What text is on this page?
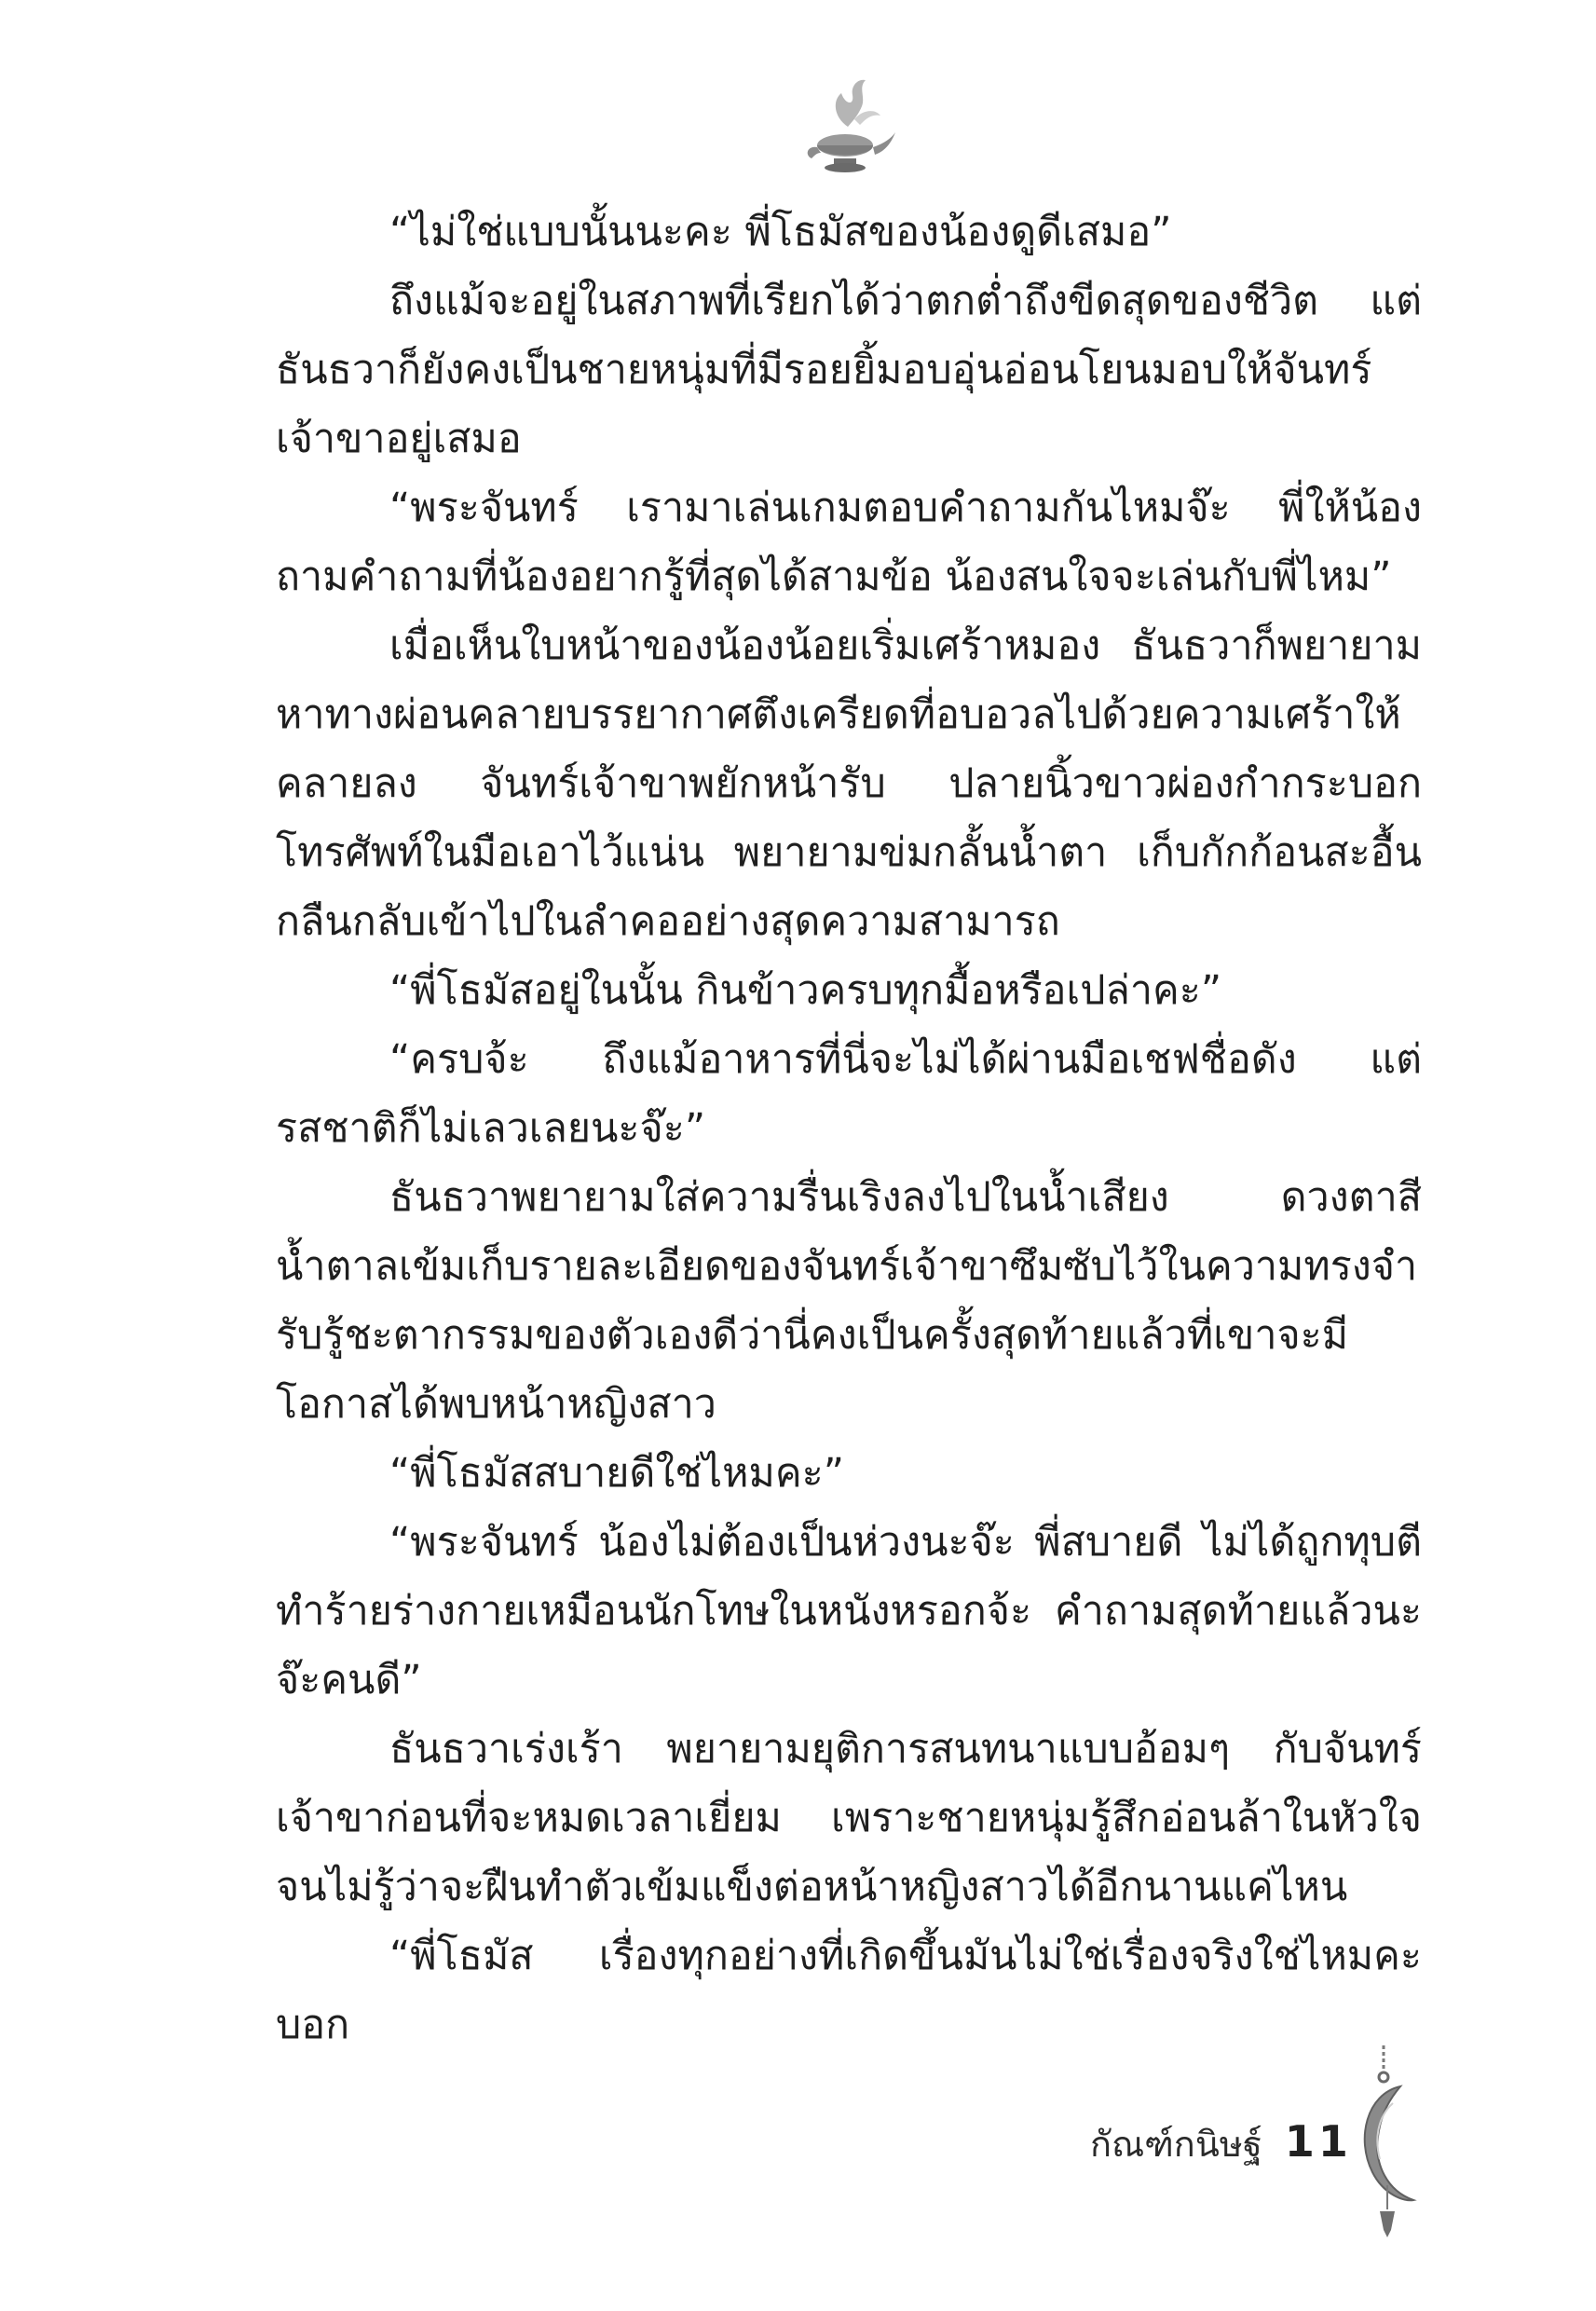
“ไม่ใช่แบบนั้นนะคะ พี่โธมัสของน้องดูดีเสมอ”

ถึงแม้จะอยู่ในสภาพที่เรียกได้ว่าตกต่ำถึงขีดสุดของชีวิต แต่ธันธวาก็ยังคงเป็นชายหนุ่มที่มีรอยยิ้มอบอุ่นอ่อนโยนมอบให้จันทร์เจ้าขาอยู่เสมอ

“พระจันทร์ เรามาเล่นเกมตอบคำถามกันไหมจ๊ะ พี่ให้น้องถามคำถามที่น้องอยากรู้ที่สุดได้สามข้อ น้องสนใจจะเล่นกับพี่ไหม”

เมื่อเห็นใบหน้าของน้องน้อยเริ่มเศร้าหมอง ธันธวาก็พยายามหาทางผ่อนคลายบรรยากาศตึงเครียดที่อบอวลไปด้วยความเศร้าให้คลายลง จันทร์เจ้าขาพยักหน้ารับ ปลายนิ้วขาวผ่องกำกระบอกโทรศัพท์ในมือเอาไว้แน่น พยายามข่มกลั้นน้ำตา เก็บกักก้อนสะอื้นกลืนกลับเข้าไปในลำคออย่างสุดความสามารถ

“พี่โธมัสอยู่ในนั้น กินข้าวครบทุกมื้อหรือเปล่าคะ”

“ครบจ้ะ ถึงแม้อาหารที่นี่จะไม่ได้ผ่านมือเชฟชื่อดัง แต่รสชาติก็ไม่เลวเลยนะจ๊ะ”

ธันธวาพยายามใส่ความรื่นเริงลงไปในน้ำเสียง ดวงตาสีน้ำตาลเข้มเก็บรายละเอียดของจันทร์เจ้าขาซึมซับไว้ในความทรงจำ รับรู้ชะตากรรมของตัวเองดีว่านี่คงเป็นครั้งสุดท้ายแล้วที่เขาจะมีโอกาสได้พบหน้าหญิงสาว

“พี่โธมัสสบายดีใช่ไหมคะ”

“พระจันทร์ น้องไม่ต้องเป็นห่วงนะจ๊ะ พี่สบายดี ไม่ได้ถูกทุบตีทำร้ายร่างกายเหมือนนักโทษในหนังหรอกจ้ะ คำถามสุดท้ายแล้วนะจ๊ะคนดี”

ธันธวาเร่งเร้า พยายามยุติการสนทนาแบบอ้อมๆ กับจันทร์เจ้าขาก่อนที่จะหมดเวลาเยี่ยม เพราะชายหนุ่มรู้สึกอ่อนล้าในหัวใจจนไม่รู้ว่าจะฝืนทำตัวเข้มแข็งต่อหน้าหญิงสาวได้อีกนานแค่ไหน

“พี่โธมัส เรื่องทุกอย่างที่เกิดขึ้นมันไม่ใช่เรื่องจริงใช่ไหมคะ บอก

กัณฑ์กนิษฐ์ 11
